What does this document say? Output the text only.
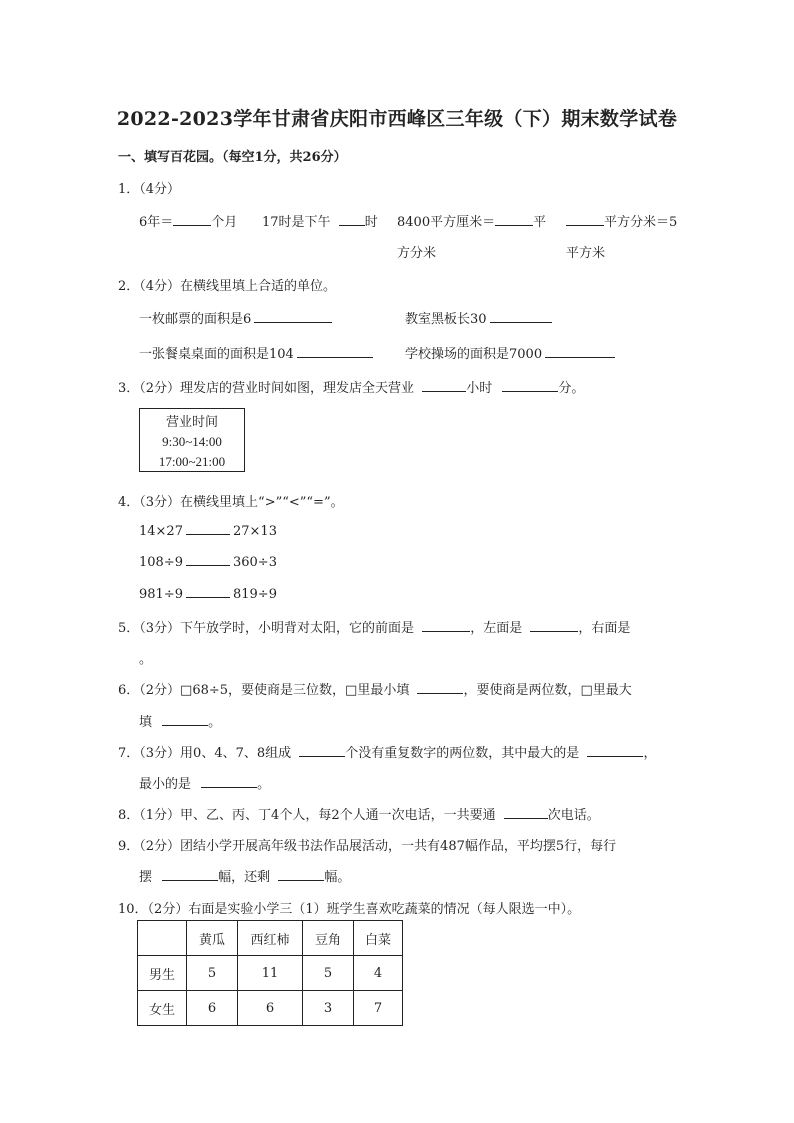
2022-2023学年甘肃省庆阳市西峰区三年级（下）期末数学试卷
一、填写百花园。（每空1分，共26分）
1．（4分）
6年＝	个月 17时是下午	时 8400平方厘米＝	平	平方分米＝5
方分米	平方米
2．（4分）在横线里填上合适的单位。
一枚邮票的面积是6	教室黑板长30
一张餐桌桌面的面积是104	学校操场的面积是7000
3．（2分）理发店的营业时间如图，理发店全天营业	小时	分。
营业时间
9:30~14:00
17:00~21:00
4．（3分）在横线里填上“>”“<”“=”。
14×27	27×13
108÷9	360÷3
981÷9	819÷9
5．（3分）下午放学时，小明背对太阳，它的前面是	，左面是	，右面是
。
6．（2分）□68÷5，要使商是三位数，□里最小填	，要使商是两位数，□里最大
填	。
7．（3分）用0、4、7、8组成	个没有重复数字的两位数，其中最大的是	，
最小的是	。
8．（1分）甲、乙、丙、丁4个人，每2个人通一次电话，一共要通	次电话。
9．（2分）团结小学开展高年级书法作品展活动，一共有487幅作品，平均摆5行，每行
摆	幅，还剩	幅。
10．（2分）右面是实验小学三（1）班学生喜欢吃蔬菜的情况（每人限选一中）。
	黄瓜	西红柿	豆角	白菜
男生	5	11	5	4
女生	6	6	3	7
